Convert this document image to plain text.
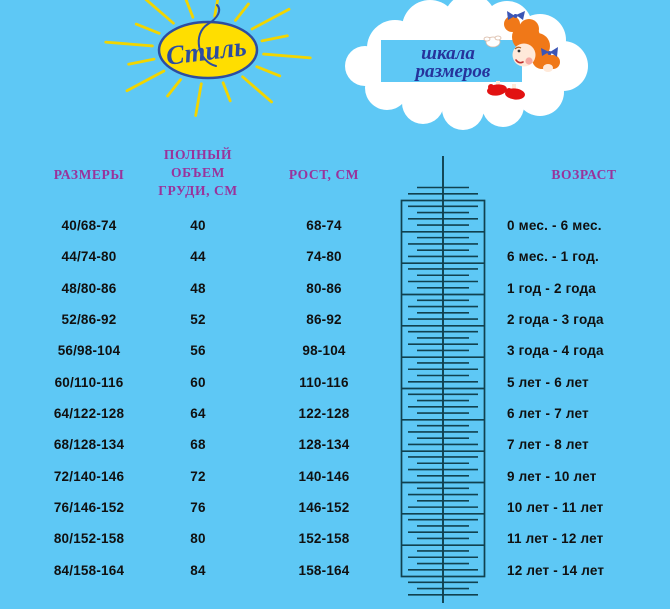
Стиль	шкала
размеров
РАЗМЕРЫ
ПОЛНЫЙ
ОБЪЕМ
ГРУДИ, СМ
РОСТ, СМ	ВОЗРАСТ
40/68-74
44/74-80
48/80-86
52/86-92
56/98-104
60/110-116
64/122-128
68/128-134
72/140-146
76/146-152
80/152-158
84/158-164
40
44
48
52
56
60
64
68
72
76
80
84
68-74
74-80
80-86
86-92
98-104
110-116
122-128
128-134
140-146
146-152
152-158
158-164
0 мес. - 6 мес.
6 мес. - 1 год.
1 год - 2 года
2 года - 3 года
3 года - 4 года
5 лет - 6 лет
6 лет - 7 лет
7 лет - 8 лет
9 лет - 10 лет
10 лет - 11 лет
11 лет - 12 лет
12 лет - 14 лет
